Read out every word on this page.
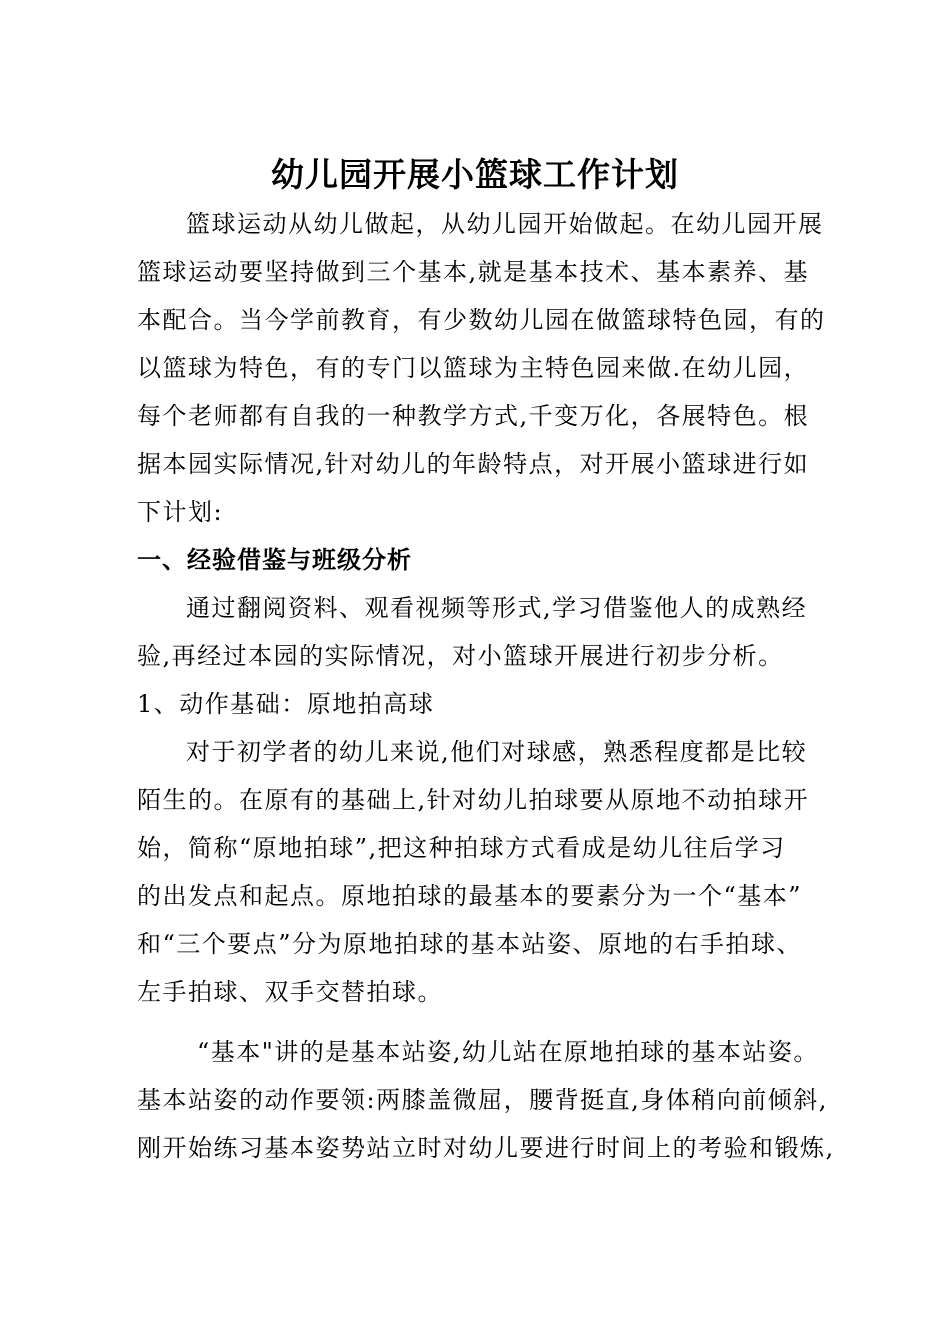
幼儿园开展小篮球工作计划
篮球运动从幼儿做起，从幼儿园开始做起。在幼儿园开展
篮球运动要坚持做到三个基本,就是基本技术、基本素养、基
本配合。当今学前教育，有少数幼儿园在做篮球特色园，有的
以篮球为特色，有的专门以篮球为主特色园来做.在幼儿园，
每个老师都有自我的一种教学方式,千变万化，各展特色。根
据本园实际情况,针对幼儿的年龄特点，对开展小篮球进行如
下计划:
一、经验借鉴与班级分析
通过翻阅资料、观看视频等形式,学习借鉴他人的成熟经
验,再经过本园的实际情况，对小篮球开展进行初步分析。
1、动作基础：原地拍高球
对于初学者的幼儿来说,他们对球感，熟悉程度都是比较
陌生的。在原有的基础上,针对幼儿拍球要从原地不动拍球开
始，简称“原地拍球”,把这种拍球方式看成是幼儿往后学习
的出发点和起点。原地拍球的最基本的要素分为一个“基本”
和“三个要点”分为原地拍球的基本站姿、原地的右手拍球、
左手拍球、双手交替拍球。
“基本"讲的是基本站姿,幼儿站在原地拍球的基本站姿。
基本站姿的动作要领:两膝盖微屈，腰背挺直,身体稍向前倾斜,
刚开始练习基本姿势站立时对幼儿要进行时间上的考验和锻炼,
